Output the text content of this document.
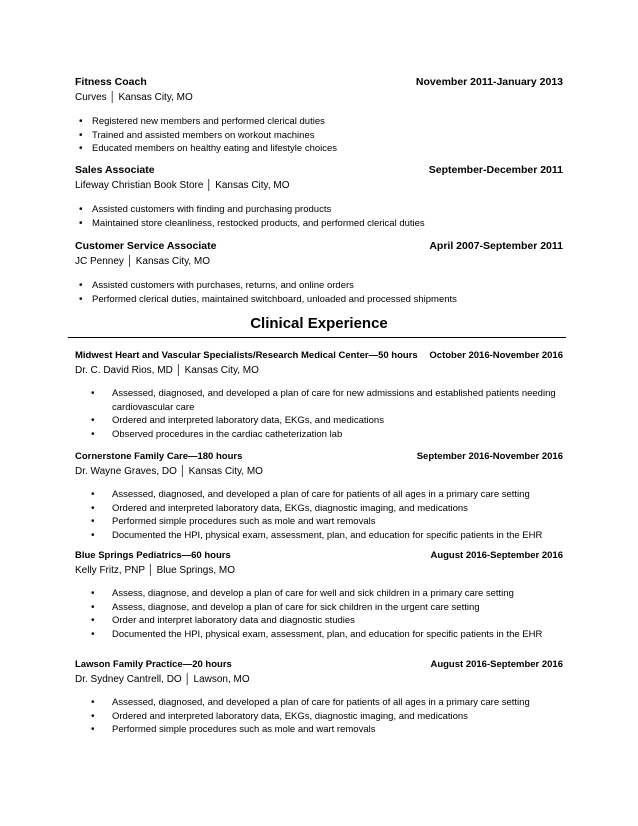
Fitness Coach	November 2011-January 2013
Curves │ Kansas City, MO
• Registered new members and performed clerical duties
• Trained and assisted members on workout machines
• Educated members on healthy eating and lifestyle choices
Sales Associate	September-December 2011
Lifeway Christian Book Store │ Kansas City, MO
• Assisted customers with finding and purchasing products
• Maintained store cleanliness, restocked products, and performed clerical duties
Customer Service Associate	April 2007-September 2011
JC Penney │ Kansas City, MO
• Assisted customers with purchases, returns, and online orders
• Performed clerical duties, maintained switchboard, unloaded and processed shipments
Clinical Experience
Midwest Heart and Vascular Specialists/Research Medical Center—50 hours October 2016-November 2016
Dr. C. David Rios, MD │ Kansas City, MO
• Assessed, diagnosed, and developed a plan of care for new admissions and established patients needing cardiovascular care
• Ordered and interpreted laboratory data, EKGs, and medications
• Observed procedures in the cardiac catheterization lab
Cornerstone Family Care—180 hours	September 2016-November 2016
Dr. Wayne Graves, DO │ Kansas City, MO
• Assessed, diagnosed, and developed a plan of care for patients of all ages in a primary care setting
• Ordered and interpreted laboratory data, EKGs, diagnostic imaging, and medications
• Performed simple procedures such as mole and wart removals
• Documented the HPI, physical exam, assessment, plan, and education for specific patients in the EHR
Blue Springs Pediatrics—60 hours	August 2016-September 2016
Kelly Fritz, PNP │ Blue Springs, MO
• Assess, diagnose, and develop a plan of care for well and sick children in a primary care setting
• Assess, diagnose, and develop a plan of care for sick children in the urgent care setting
• Order and interpret laboratory data and diagnostic studies
• Documented the HPI, physical exam, assessment, plan, and education for specific patients in the EHR
Lawson Family Practice—20 hours	August 2016-September 2016
Dr. Sydney Cantrell, DO │ Lawson, MO
• Assessed, diagnosed, and developed a plan of care for patients of all ages in a primary care setting
• Ordered and interpreted laboratory data, EKGs, diagnostic imaging, and medications
• Performed simple procedures such as mole and wart removals
